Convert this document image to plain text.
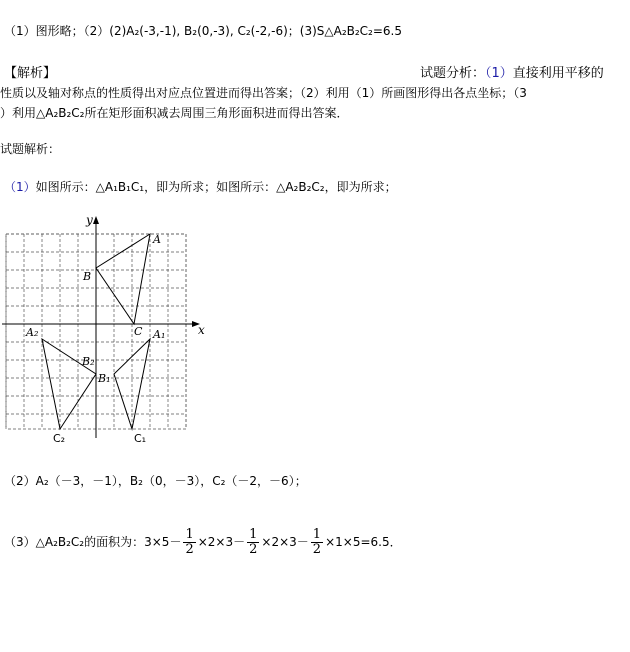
（1）图形略；（2）(2)A₂(-3,-1), B₂(0,-3), C₂(-2,-6)；(3)S△A₂B₂C₂=6.5
【解析】	试题分析：（1）直接利用平移的
性质以及轴对称点的性质得出对应点位置进而得出答案；（2）利用（1）所画图形得出各点坐标；（3
）利用△A₂B₂C₂所在矩形面积减去周围三角形面积进而得出答案．
试题解析：
（1）如图所示：△A₁B₁C₁，即为所求；如图所示：△A₂B₂C₂，即为所求；
x
y
A
B
C A₁
A₂
B₂
B₁
C₂	C₁
（2）A₂（－3，－1），B₂（0，－3），C₂（－2，－6）；
（3）△A₂B₂C₂的面积为：$3\times 5- \frac{1}{2} \times 2\times 3- \frac{1}{2} \times 2\times 3- \frac{1}{2} \times 1\times 5=6.5$．
